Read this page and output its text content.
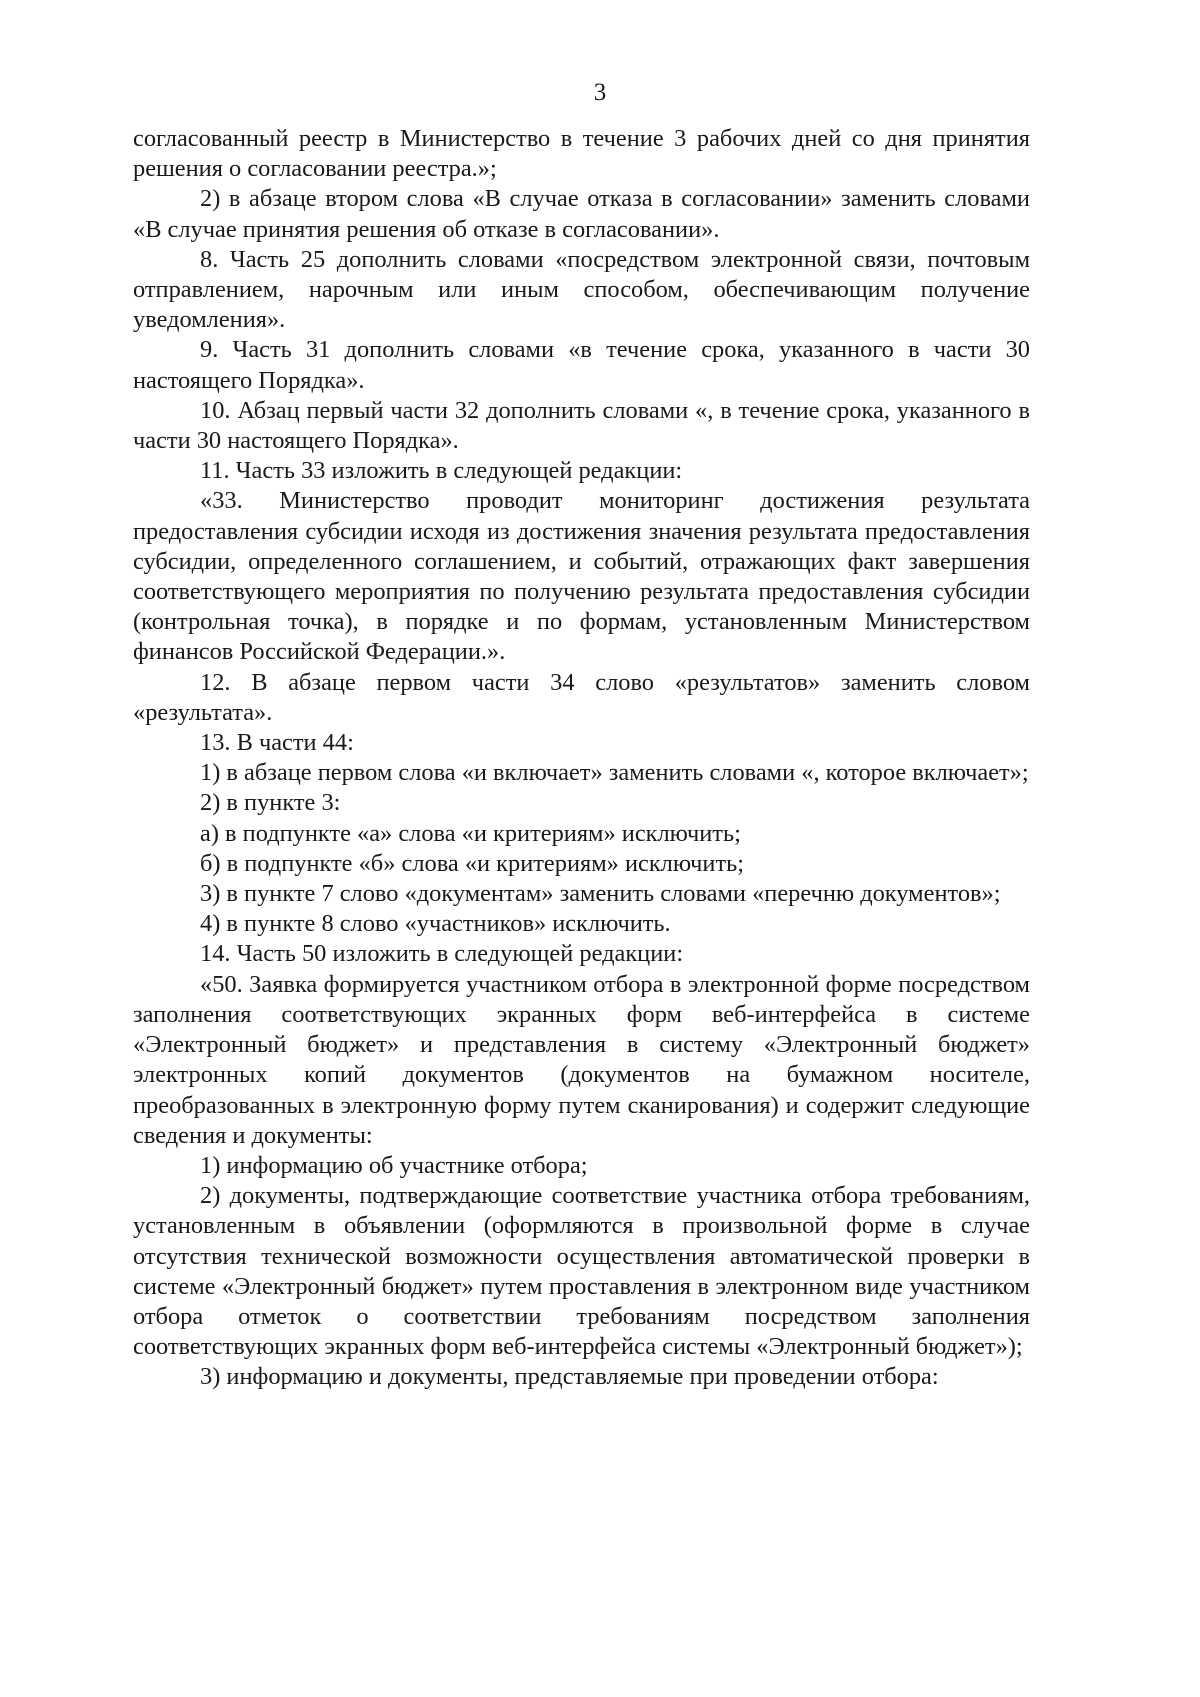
3

согласованный реестр в Министерство в течение 3 рабочих дней со дня принятия решения о согласовании реестра.»;

2) в абзаце втором слова «В случае отказа в согласовании» заменить словами «В случае принятия решения об отказе в согласовании».

8. Часть 25 дополнить словами «посредством электронной связи, почтовым отправлением, нарочным или иным способом, обеспечивающим получение уведомления».

9. Часть 31 дополнить словами «в течение срока, указанного в части 30 настоящего Порядка».

10. Абзац первый части 32 дополнить словами «, в течение срока, указанного в части 30 настоящего Порядка».

11. Часть 33 изложить в следующей редакции:

«33. Министерство проводит мониторинг достижения результата предоставления субсидии исходя из достижения значения результата предоставления субсидии, определенного соглашением, и событий, отражающих факт завершения соответствующего мероприятия по получению результата предоставления субсидии (контрольная точка), в порядке и по формам, установленным Министерством финансов Российской Федерации.».

12. В абзаце первом части 34 слово «результатов» заменить словом «результата».

13. В части 44:

1) в абзаце первом слова «и включает» заменить словами «, которое включает»;

2) в пункте 3:

а) в подпункте «а» слова «и критериям» исключить;

б) в подпункте «б» слова «и критериям» исключить;

3) в пункте 7 слово «документам» заменить словами «перечню документов»;

4) в пункте 8 слово «участников» исключить.

14. Часть 50 изложить в следующей редакции:

«50. Заявка формируется участником отбора в электронной форме посредством заполнения соответствующих экранных форм веб-интерфейса в системе «Электронный бюджет» и представления в систему «Электронный бюджет» электронных копий документов (документов на бумажном носителе, преобразованных в электронную форму путем сканирования) и содержит следующие сведения и документы:

1) информацию об участнике отбора;

2) документы, подтверждающие соответствие участника отбора требованиям, установленным в объявлении (оформляются в произвольной форме в случае отсутствия технической возможности осуществления автоматической проверки в системе «Электронный бюджет» путем проставления в электронном виде участником отбора отметок о соответствии требованиям посредством заполнения соответствующих экранных форм веб-интерфейса системы «Электронный бюджет»);

3) информацию и документы, представляемые при проведении отбора:
